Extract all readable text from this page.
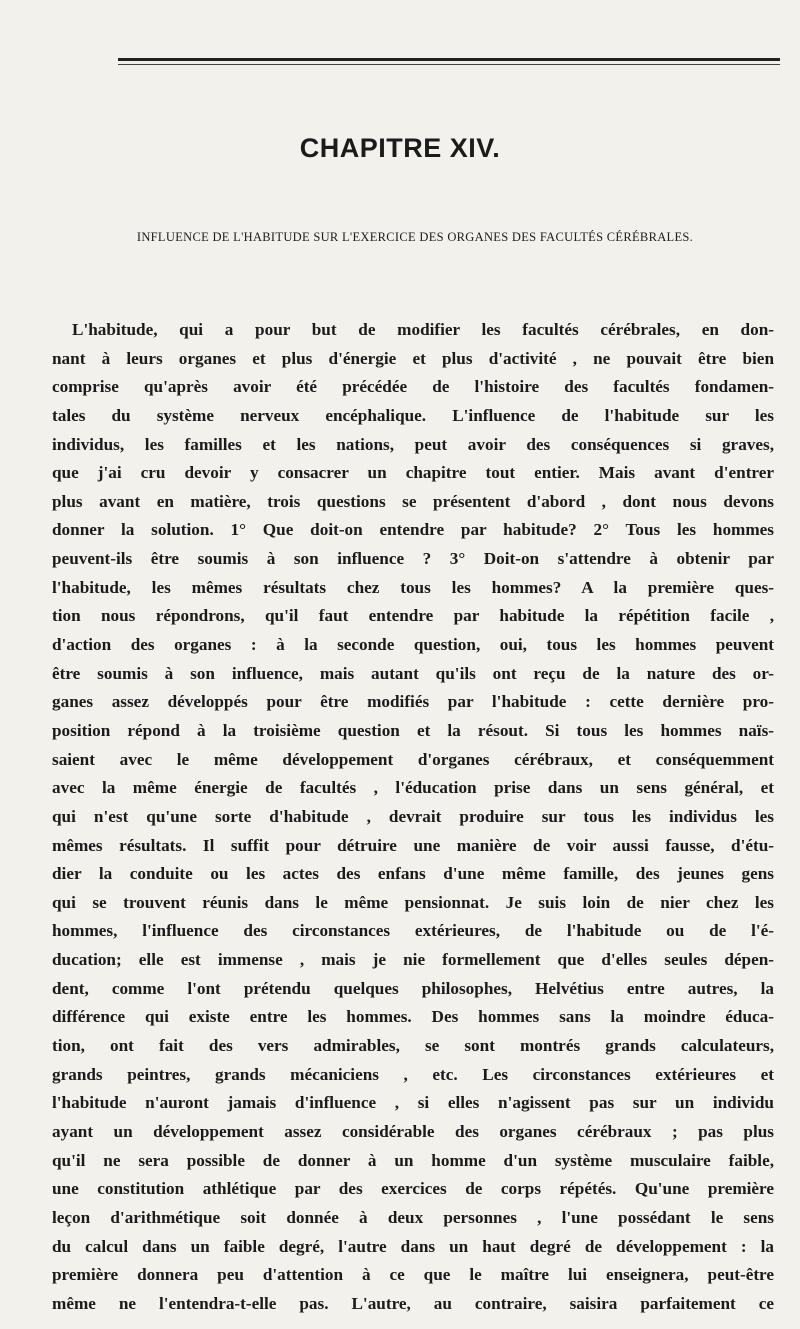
CHAPITRE XIV.
INFLUENCE DE L'HABITUDE SUR L'EXERCICE DES ORGANES DES FACULTÉS CÉRÉBRALES.
L'habitude, qui a pour but de modifier les facultés cérébrales, en don-
nant à leurs organes et plus d'énergie et plus d'activité , ne pouvait être bien
comprise qu'après avoir été précédée de l'histoire des facultés fondamen-
tales du système nerveux encéphalique. L'influence de l'habitude sur les
individus, les familles et les nations, peut avoir des conséquences si graves,
que j'ai cru devoir y consacrer un chapitre tout entier. Mais avant d'entrer
plus avant en matière, trois questions se présentent d'abord , dont nous devons
donner la solution. 1° Que doit-on entendre par habitude? 2° Tous les hommes
peuvent-ils être soumis à son influence ? 3° Doit-on s'attendre à obtenir par
l'habitude, les mêmes résultats chez tous les hommes? A la première ques-
tion nous répondrons, qu'il faut entendre par habitude la répétition facile ,
d'action des organes : à la seconde question, oui, tous les hommes peuvent
être soumis à son influence, mais autant qu'ils ont reçu de la nature des or-
ganes assez développés pour être modifiés par l'habitude : cette dernière pro-
position répond à la troisième question et la résout. Si tous les hommes naïs-
saient avec le même développement d'organes cérébraux, et conséquemment
avec la même énergie de facultés , l'éducation prise dans un sens général, et
qui n'est qu'une sorte d'habitude , devrait produire sur tous les individus les
mêmes résultats. Il suffit pour détruire une manière de voir aussi fausse, d'étu-
dier la conduite ou les actes des enfans d'une même famille, des jeunes gens
qui se trouvent réunis dans le même pensionnat. Je suis loin de nier chez les
hommes, l'influence des circonstances extérieures, de l'habitude ou de l'é-
ducation; elle est immense , mais je nie formellement que d'elles seules dépen-
dent, comme l'ont prétendu quelques philosophes, Helvétius entre autres, la
différence qui existe entre les hommes. Des hommes sans la moindre éduca-
tion, ont fait des vers admirables, se sont montrés grands calculateurs,
grands peintres, grands mécaniciens , etc. Les circonstances extérieures et
l'habitude n'auront jamais d'influence , si elles n'agissent pas sur un individu
ayant un développement assez considérable des organes cérébraux ; pas plus
qu'il ne sera possible de donner à un homme d'un système musculaire faible,
une constitution athlétique par des exercices de corps répétés. Qu'une première
leçon d'arithmétique soit donnée à deux personnes , l'une possédant le sens
du calcul dans un faible degré, l'autre dans un haut degré de développement : la
première donnera peu d'attention à ce que le maître lui enseignera, peut-être
même ne l'entendra-t-elle pas. L'autre, au contraire, saisira parfaitement ce
